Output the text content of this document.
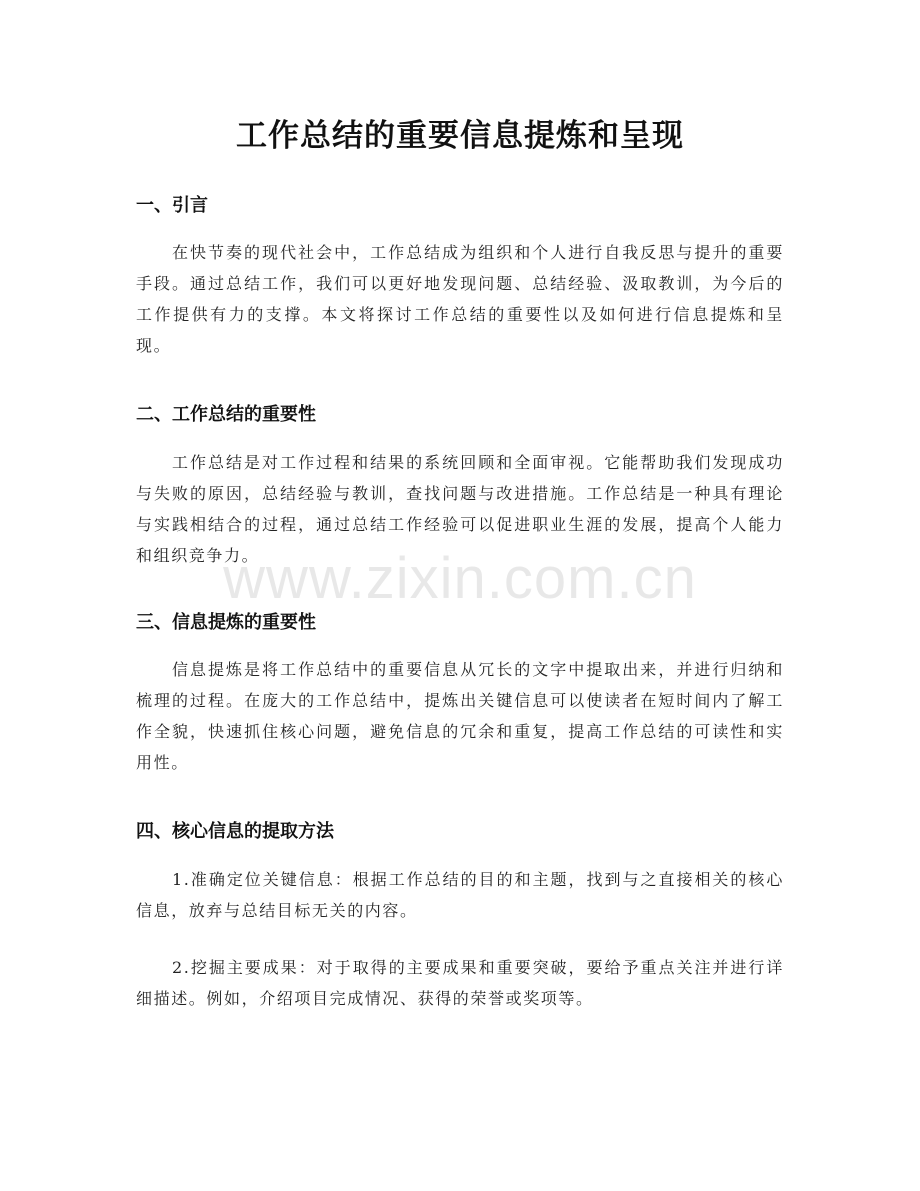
工作总结的重要信息提炼和呈现
一、引言
在快节奏的现代社会中，工作总结成为组织和个人进行自我反思与提升的重要手段。通过总结工作，我们可以更好地发现问题、总结经验、汲取教训，为今后的工作提供有力的支撑。本文将探讨工作总结的重要性以及如何进行信息提炼和呈现。
二、工作总结的重要性
工作总结是对工作过程和结果的系统回顾和全面审视。它能帮助我们发现成功与失败的原因，总结经验与教训，查找问题与改进措施。工作总结是一种具有理论与实践相结合的过程，通过总结工作经验可以促进职业生涯的发展，提高个人能力和组织竞争力。
三、信息提炼的重要性
信息提炼是将工作总结中的重要信息从冗长的文字中提取出来，并进行归纳和梳理的过程。在庞大的工作总结中，提炼出关键信息可以使读者在短时间内了解工作全貌，快速抓住核心问题，避免信息的冗余和重复，提高工作总结的可读性和实用性。
四、核心信息的提取方法
1.准确定位关键信息：根据工作总结的目的和主题，找到与之直接相关的核心信息，放弃与总结目标无关的内容。
2.挖掘主要成果：对于取得的主要成果和重要突破，要给予重点关注并进行详细描述。例如，介绍项目完成情况、获得的荣誉或奖项等。
www.zixin.com.cn
